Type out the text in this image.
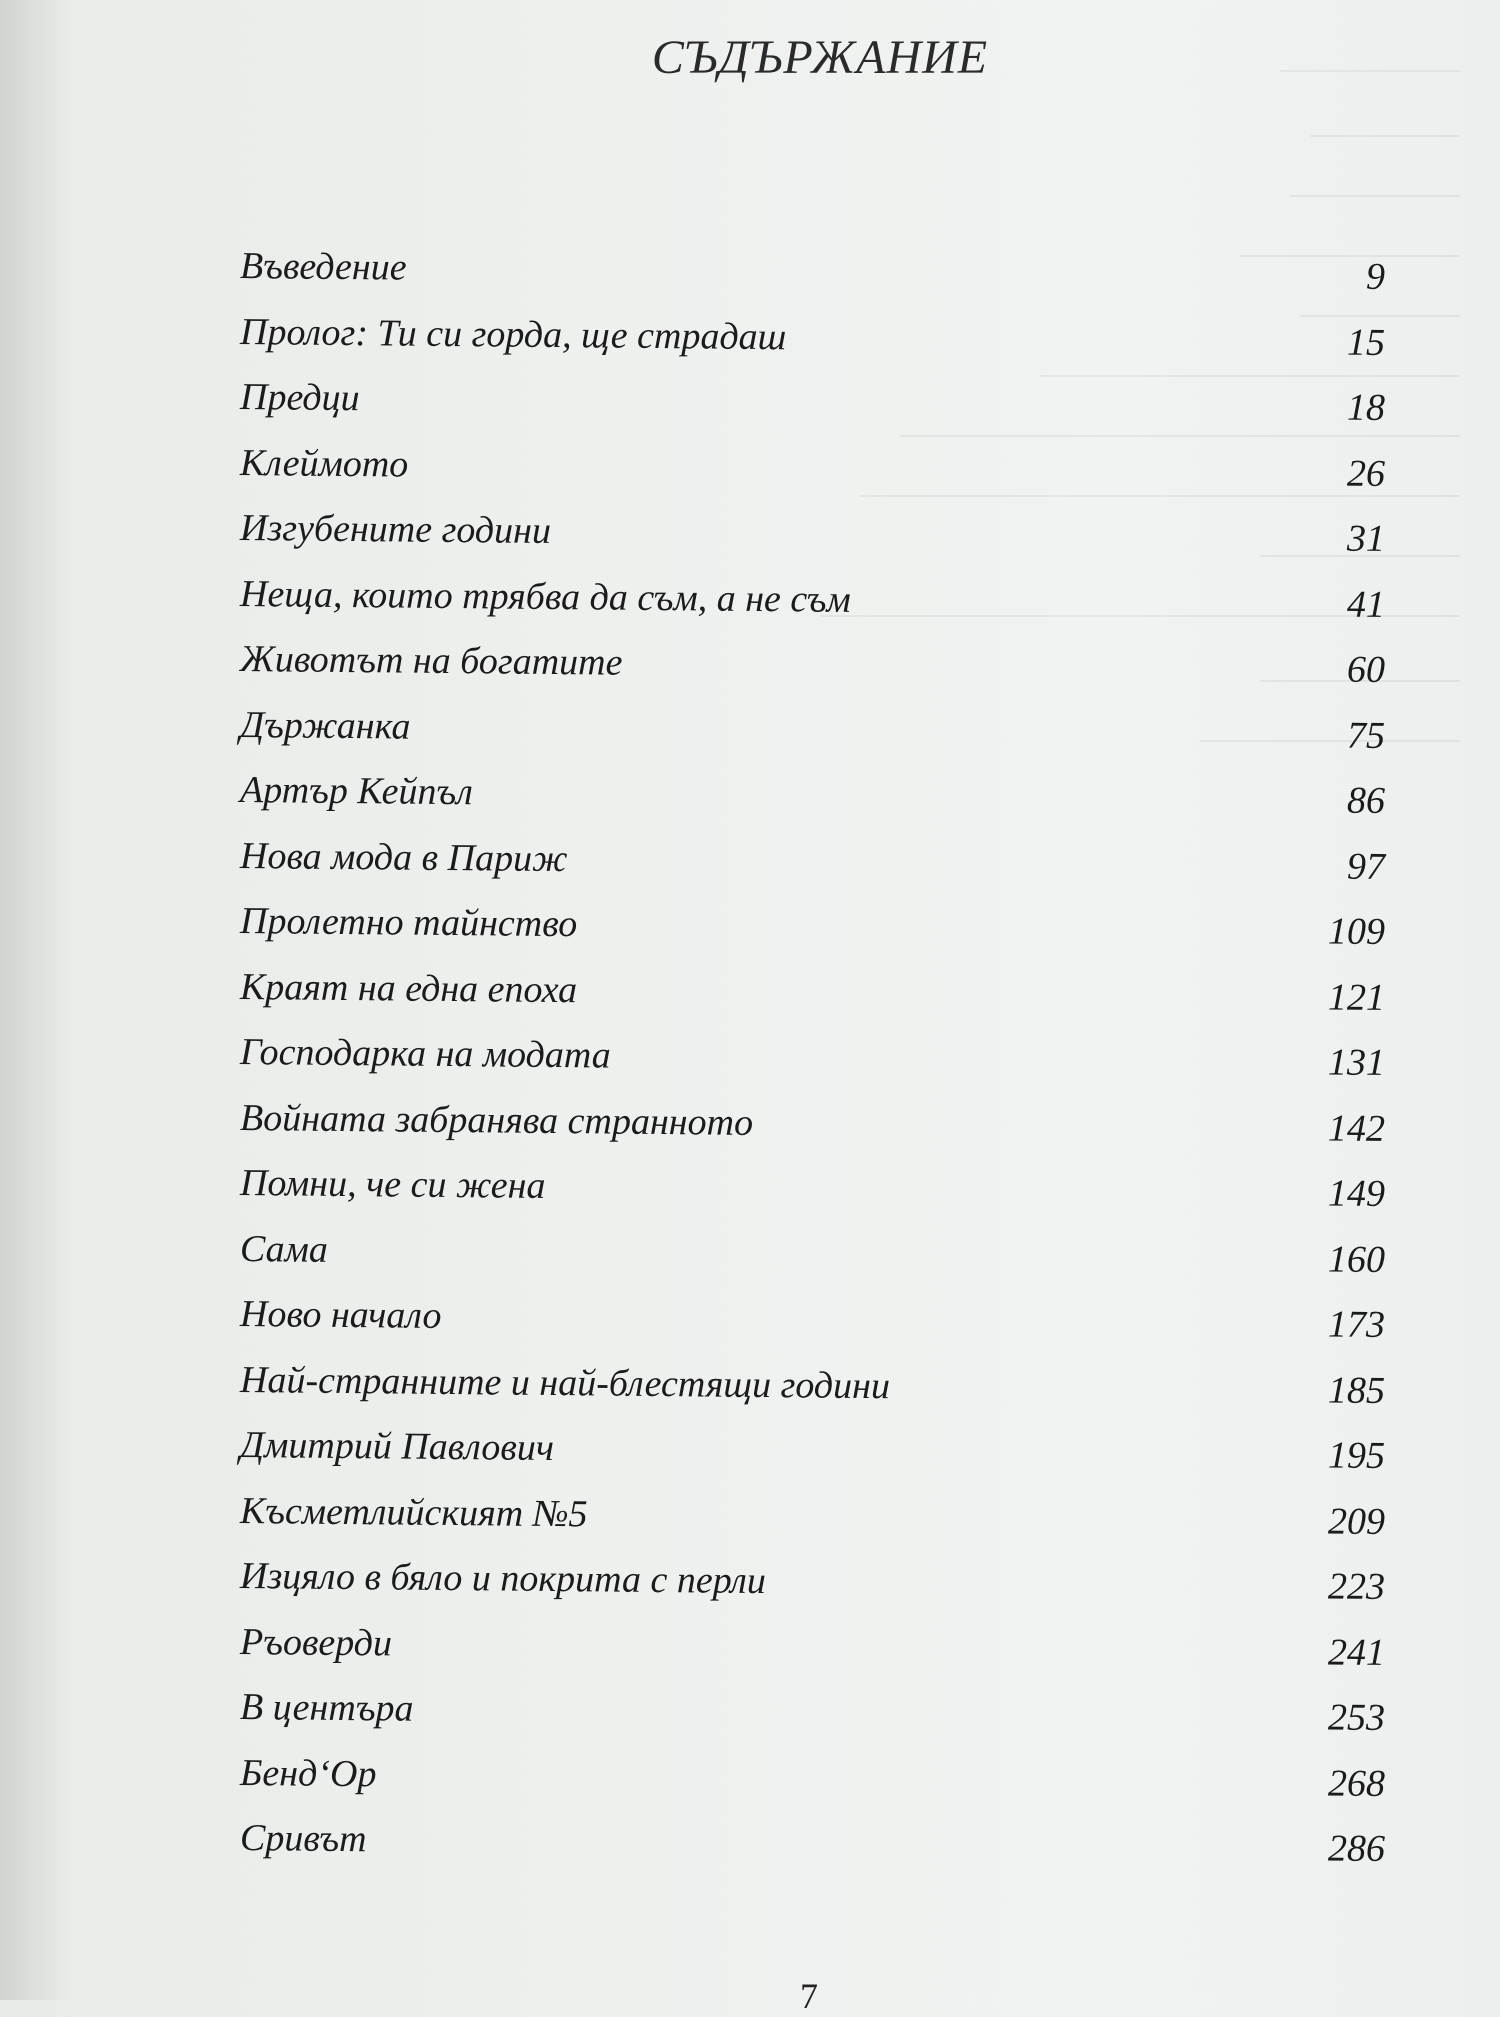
СЪДЪРЖАНИЕ
Въведение	9
Пролог: Ти си горда, ще страдаш	15
Предци	18
Клеймото	26
Изгубените години	31
Неща, които трябва да съм, а не съм	41
Животът на богатите	60
Държанка	75
Артър Кейпъл	86
Нова мода в Париж	97
Пролетно тайнство	109
Краят на една епоха	121
Господарка на модата	131
Войната забранява странното	142
Помни, че си жена	149
Сама	160
Ново начало	173
Най-странните и най-блестящи години	185
Дмитрий Павлович	195
Късметлийският №5	209
Изцяло в бяло и покрита с перли	223
Ръоверди	241
В центъра	253
Бенд‘Ор	268
Сривът	286
7
